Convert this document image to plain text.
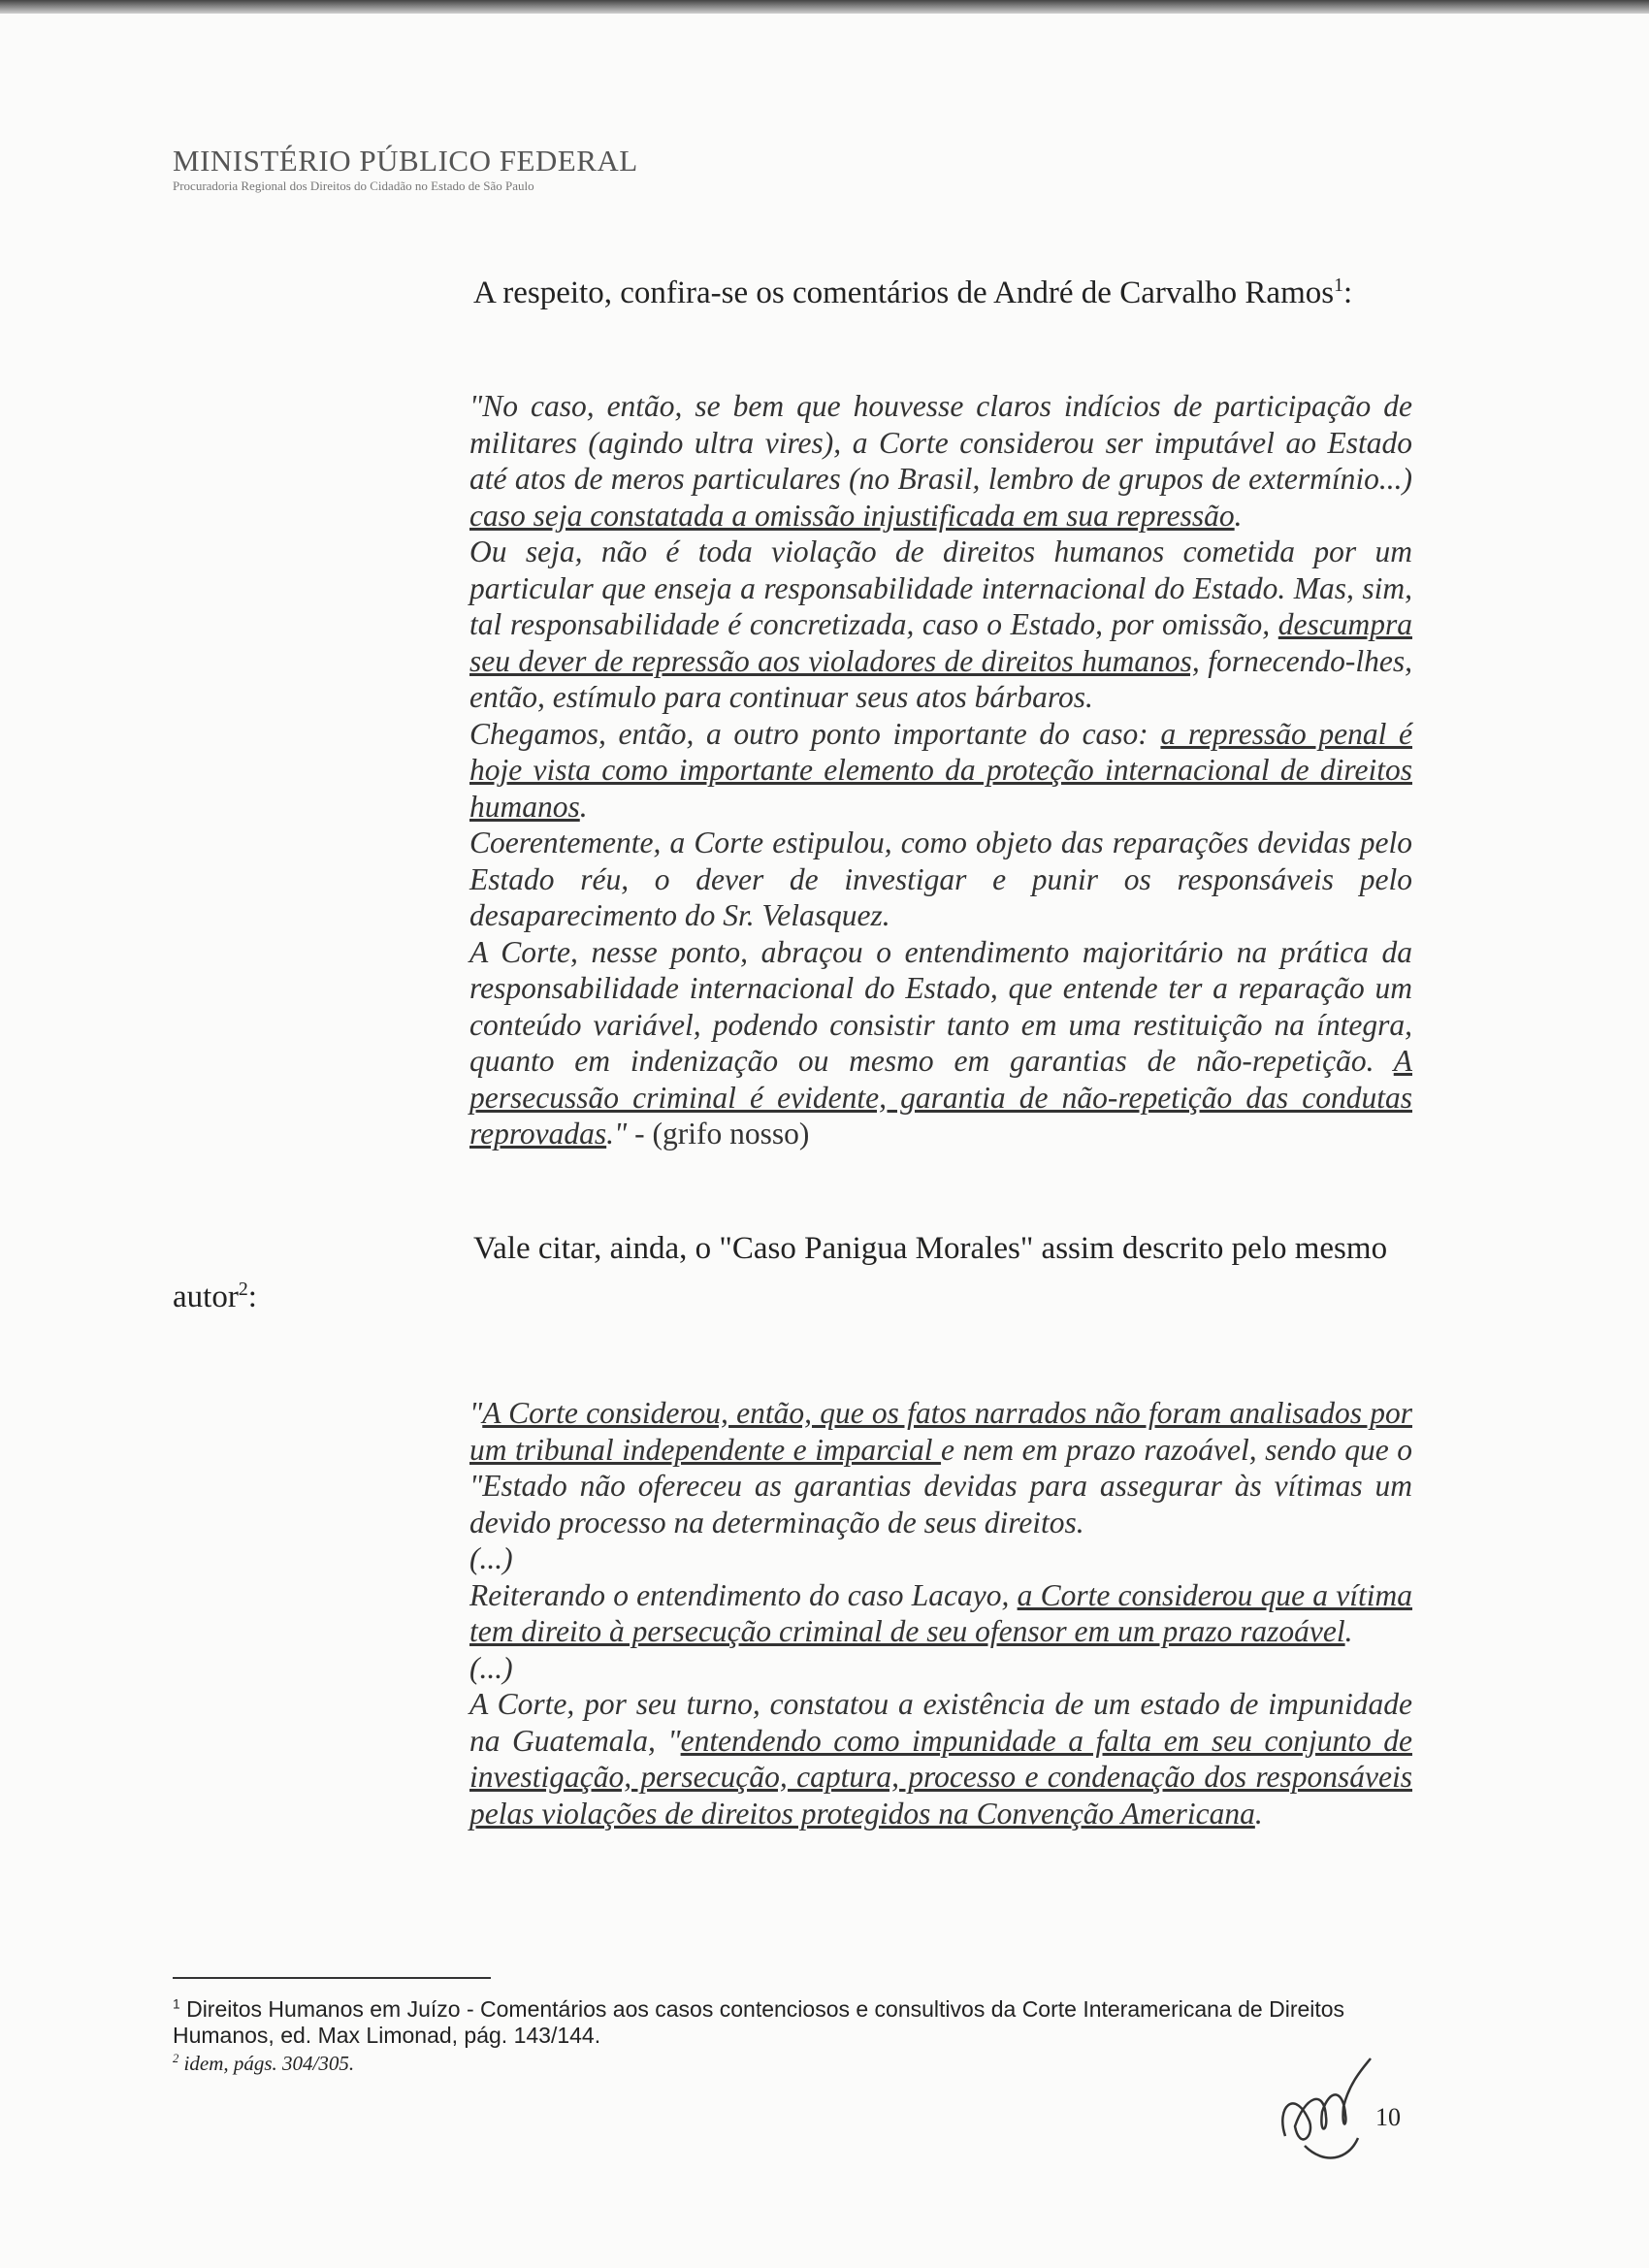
MINISTÉRIO PÚBLICO FEDERAL
Procuradoria Regional dos Direitos do Cidadão no Estado de São Paulo
A respeito, confira-se os comentários de André de Carvalho Ramos$^1$:

"No caso, então, se bem que houvesse claros indícios de participação de militares (agindo ultra vires), a Corte considerou ser imputável ao Estado até atos de meros particulares (no Brasil, lembro de grupos de extermínio...) caso seja constatada a omissão injustificada em sua repressão.

Ou seja, não é toda violação de direitos humanos cometida por um particular que enseja a responsabilidade internacional do Estado. Mas, sim, tal responsabilidade é concretizada, caso o Estado, por omissão, descumpra seu dever de repressão aos violadores de direitos humanos, fornecendo-lhes, então, estímulo para continuar seus atos bárbaros.

Chegamos, então, a outro ponto importante do caso: a repressão penal é hoje vista como importante elemento da proteção internacional de direitos humanos.

Coerentemente, a Corte estipulou, como objeto das reparações devidas pelo Estado réu, o dever de investigar e punir os responsáveis pelo desaparecimento do Sr. Velasquez.

A Corte, nesse ponto, abraçou o entendimento majoritário na prática da responsabilidade internacional do Estado, que entende ter a reparação um conteúdo variável, podendo consistir tanto em uma restituição na íntegra, quanto em indenização ou mesmo em garantias de não-repetição. A persecussão criminal é evidente, garantia de não-repetição das condutas reprovadas." - (grifo nosso)

Vale citar, ainda, o "Caso Panigua Morales" assim descrito pelo mesmo
autor$^2$:

"A Corte considerou, então, que os fatos narrados não foram analisados por um tribunal independente e imparcial e nem em prazo razoável, sendo que o "Estado não ofereceu as garantias devidas para assegurar às vítimas um devido processo na determinação de seus direitos.

(...)

Reiterando o entendimento do caso Lacayo, a Corte considerou que a vítima tem direito à persecução criminal de seu ofensor em um prazo razoável.

(...)

A Corte, por seu turno, constatou a existência de um estado de impunidade na Guatemala, "entendendo como impunidade a falta em seu conjunto de investigação, persecução, captura, processo e condenação dos responsáveis pelas violações de direitos protegidos na Convenção Americana.

$^1$ Direitos Humanos em Juízo - Comentários aos casos contenciosos e consultivos da Corte Interamericana de Direitos Humanos, ed. Max Limonad, pág. 143/144.
$^2$ idem, págs. 304/305.
10
